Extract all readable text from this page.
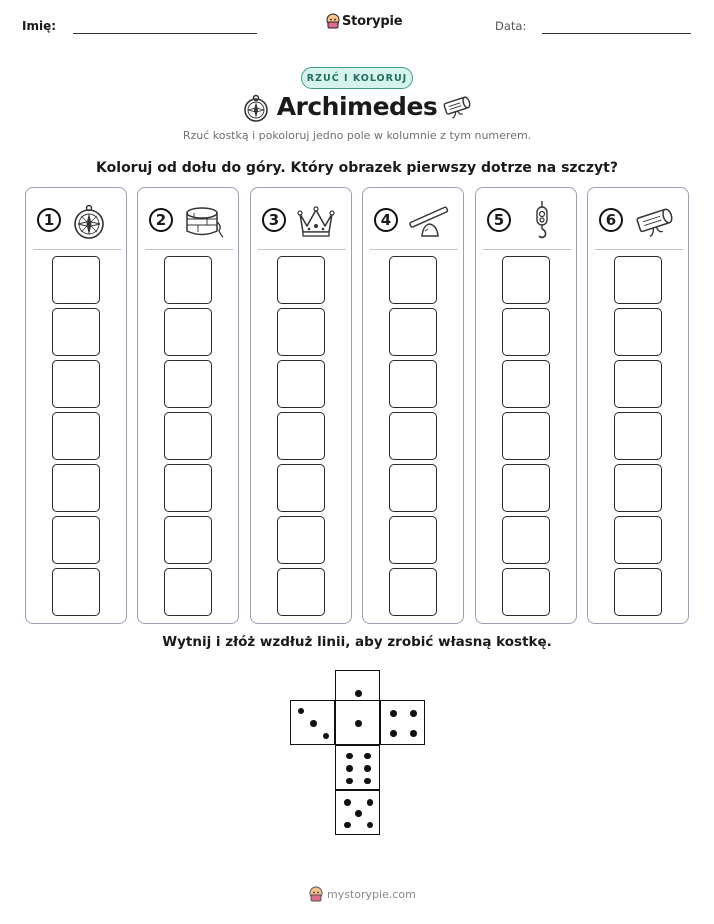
Imię:	Storypie	Data:
RZUĆ I KOLORUJ
Archimedes
Rzuć kostką i pokoloruj jedno pole w kolumnie z tym numerem.
Koloruj od dołu do góry. Który obrazek pierwszy dotrze na szczyt?
1	2	3	4	5	6
Wytnij i złóż wzdłuż linii, aby zrobić własną kostkę.
mystorypie.com
